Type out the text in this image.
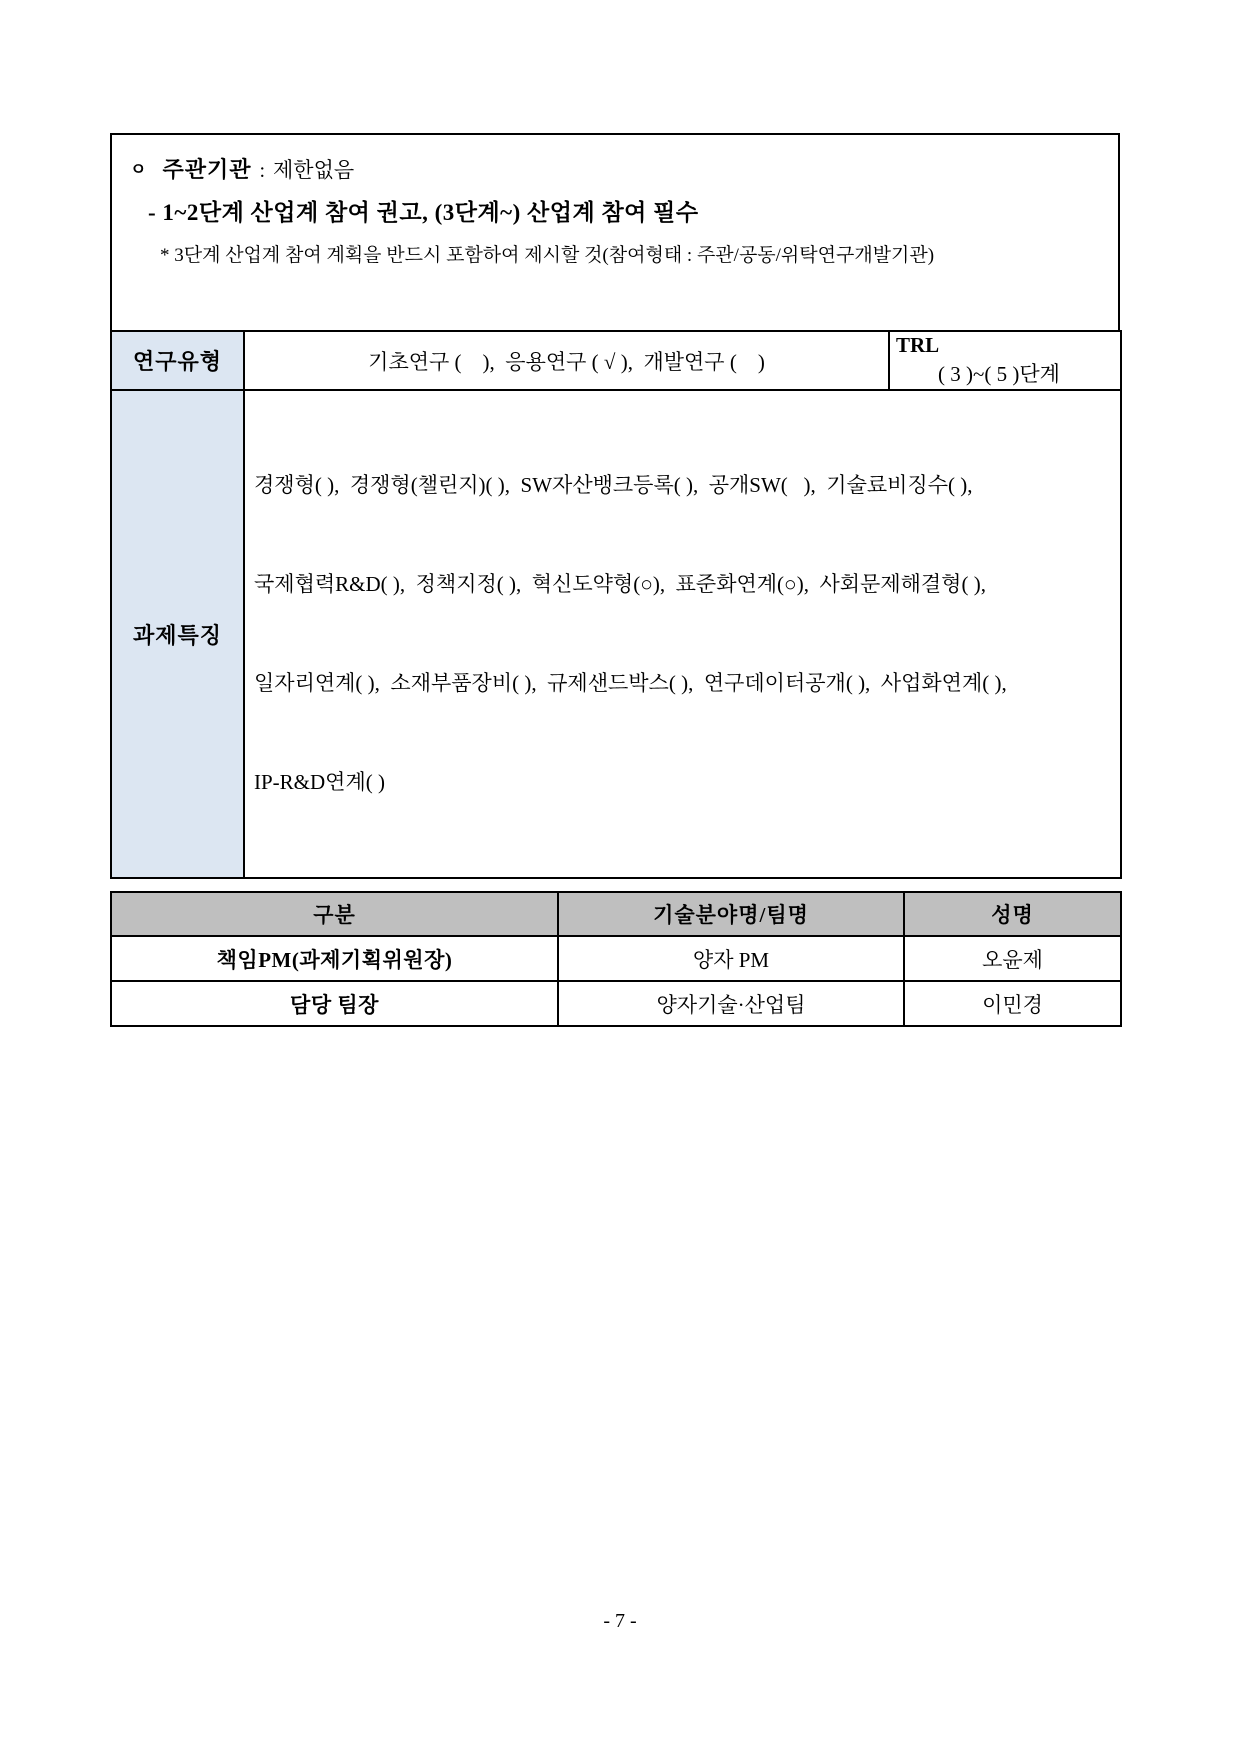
ㅇ 주관기관 : 제한없음
- 1~2단계 산업계 참여 권고, (3단계~) 산업계 참여 필수
* 3단계 산업계 참여 계획을 반드시 포함하여 제시할 것(참여형태 : 주관/공동/위탁연구개발기관)
연구유형	기초연구 (    ),  응용연구 ( √ ),  개발연구 (    )	TRL
( 3 )~( 5 )단계
과제특징	경쟁형( ),  경쟁형(챌린지)( ),  SW자산뱅크등록( ),  공개SW(   ),  기술료비징수( ),

국제협력R&D( ),  정책지정( ),  혁신도약형(○),  표준화연계(○),  사회문제해결형( ),

일자리연계( ),  소재부품장비( ),  규제샌드박스( ),  연구데이터공개( ),  사업화연계( ),

IP-R&D연계( )	

구분	기술분야명/팀명	성명
책임PM(과제기획위원장)	양자 PM	오윤제
담당 팀장	양자기술·산업팀	이민경
- 7 -
